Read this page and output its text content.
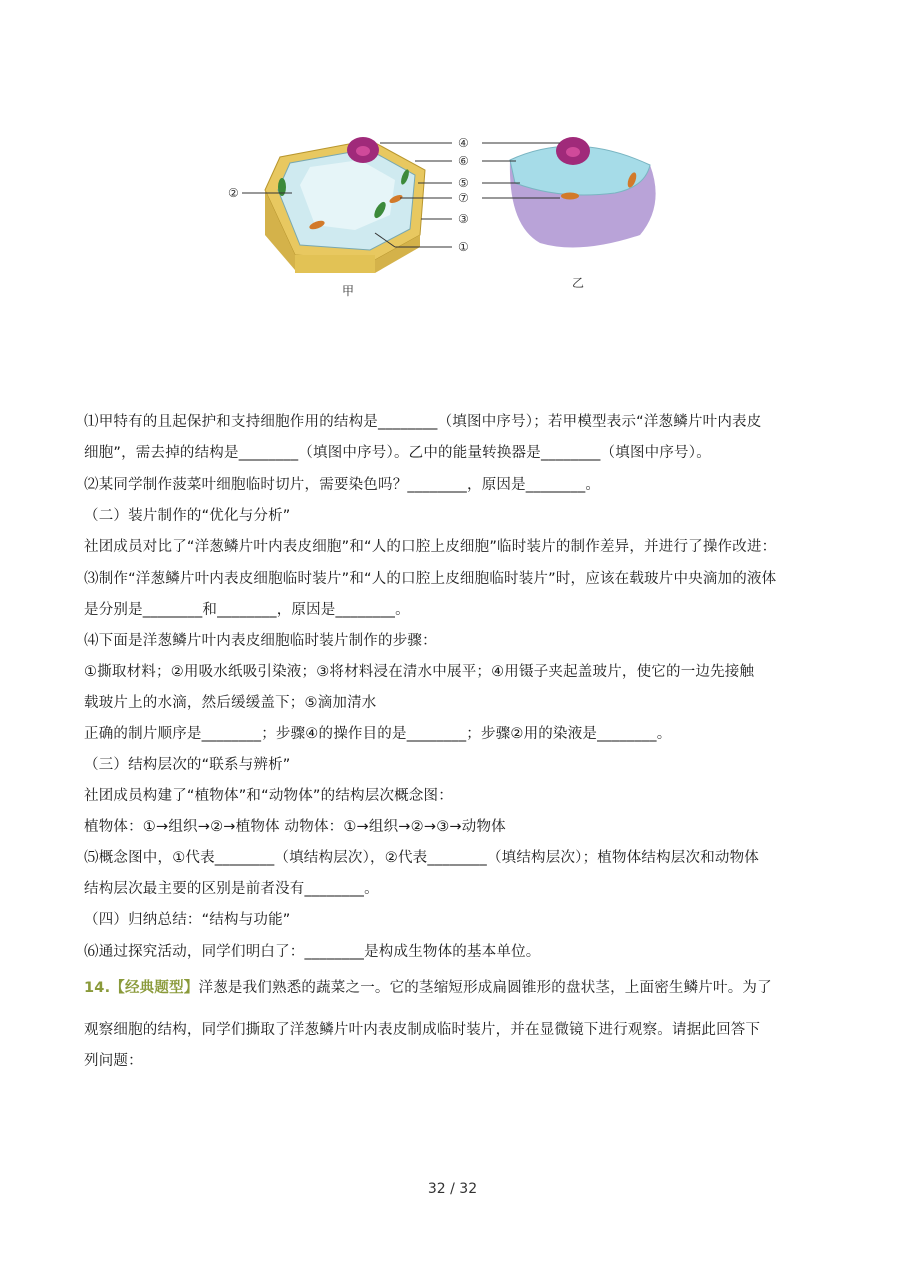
②
④
⑥
⑤
⑦
③
①
甲
乙
⑴甲特有的且起保护和支持细胞作用的结构是________（填图中序号）；若甲模型表示“洋葱鳞片叶内表皮
细胞”，需去掉的结构是________（填图中序号）。乙中的能量转换器是________（填图中序号）。
⑵某同学制作菠菜叶细胞临时切片，需要染色吗？________，原因是________。
（二）装片制作的“优化与分析”
社团成员对比了“洋葱鳞片叶内表皮细胞”和“人的口腔上皮细胞”临时装片的制作差异，并进行了操作改进：
⑶制作“洋葱鳞片叶内表皮细胞临时装片”和“人的口腔上皮细胞临时装片”时，应该在载玻片中央滴加的液体
是分别是________和________，原因是________。
⑷下面是洋葱鳞片叶内表皮细胞临时装片制作的步骤：
①撕取材料；②用吸水纸吸引染液；③将材料浸在清水中展平；④用镊子夹起盖玻片，使它的一边先接触
载玻片上的水滴，然后缓缓盖下；⑤滴加清水
正确的制片顺序是________；步骤④的操作目的是________；步骤②用的染液是________。
（三）结构层次的“联系与辨析”
社团成员构建了“植物体”和“动物体”的结构层次概念图：
植物体：①→组织→②→植物体 动物体：①→组织→②→③→动物体
⑸概念图中，①代表________（填结构层次），②代表________（填结构层次）；植物体结构层次和动物体
结构层次最主要的区别是前者没有________。
（四）归纳总结：“结构与功能”
⑹通过探究活动，同学们明白了：________是构成生物体的基本单位。
14.【经典题型】洋葱是我们熟悉的蔬菜之一。它的茎缩短形成扁圆锥形的盘状茎，上面密生鳞片叶。为了
观察细胞的结构，同学们撕取了洋葱鳞片叶内表皮制成临时装片，并在显微镜下进行观察。请据此回答下
列问题：
32 / 32
